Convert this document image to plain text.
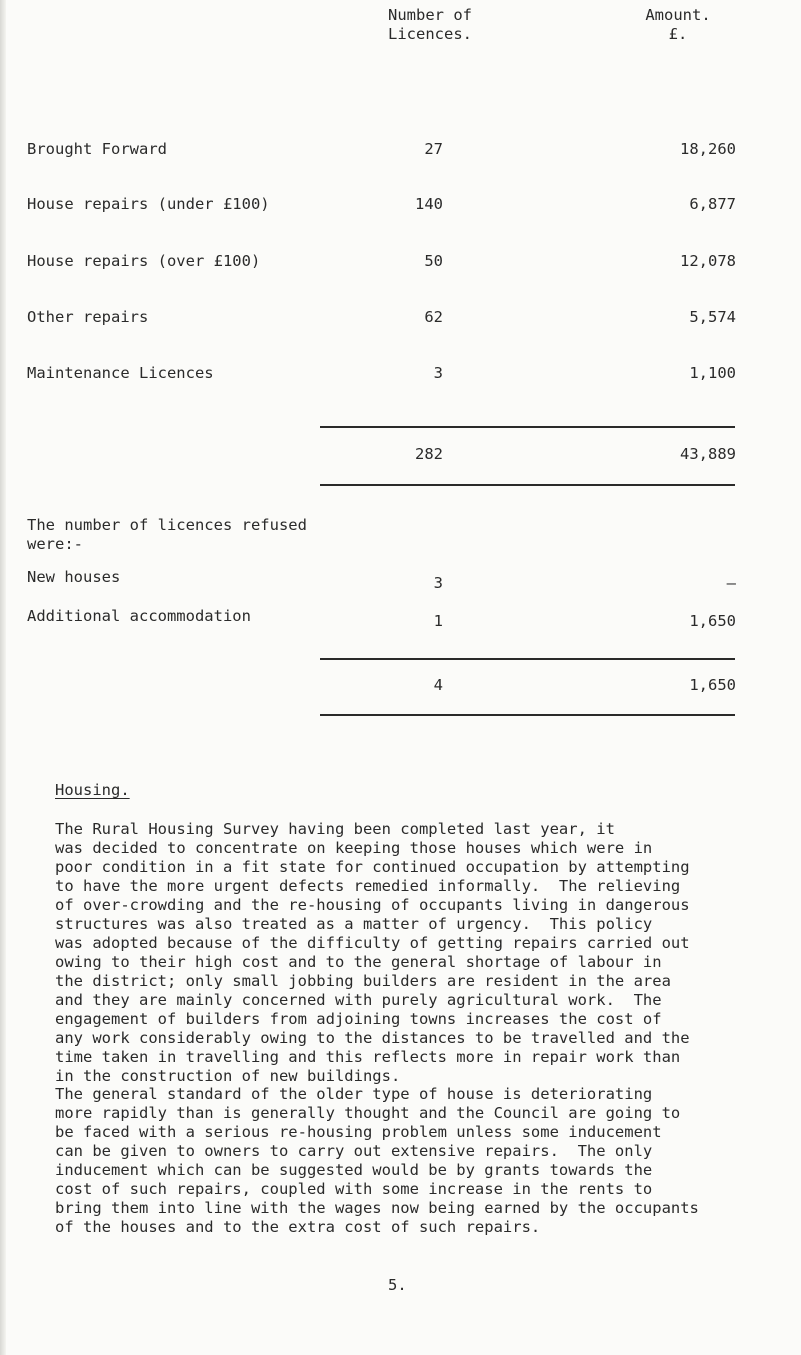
Number of
Licences.
Amount.
£.
Brought Forward	27	18,260
House repairs (under £100)	140	6,877
House repairs (over £100)	50	12,078
Other repairs	62	5,574
Maintenance Licences	3	1,100
282	43,889
The number of licences refused
were:-
New houses	3	–
Additional accommodation	1	1,650
4	1,650
Housing.
The Rural Housing Survey having been completed last year, it
was decided to concentrate on keeping those houses which were in
poor condition in a fit state for continued occupation by attempting
to have the more urgent defects remedied informally.  The relieving
of over-crowding and the re-housing of occupants living in dangerous
structures was also treated as a matter of urgency.  This policy
was adopted because of the difficulty of getting repairs carried out
owing to their high cost and to the general shortage of labour in
the district; only small jobbing builders are resident in the area
and they are mainly concerned with purely agricultural work.  The
engagement of builders from adjoining towns increases the cost of
any work considerably owing to the distances to be travelled and the
time taken in travelling and this reflects more in repair work than
in the construction of new buildings.
The general standard of the older type of house is deteriorating
more rapidly than is generally thought and the Council are going to
be faced with a serious re-housing problem unless some inducement
can be given to owners to carry out extensive repairs.  The only
inducement which can be suggested would be by grants towards the
cost of such repairs, coupled with some increase in the rents to
bring them into line with the wages now being earned by the occupants
of the houses and to the extra cost of such repairs.
5.
